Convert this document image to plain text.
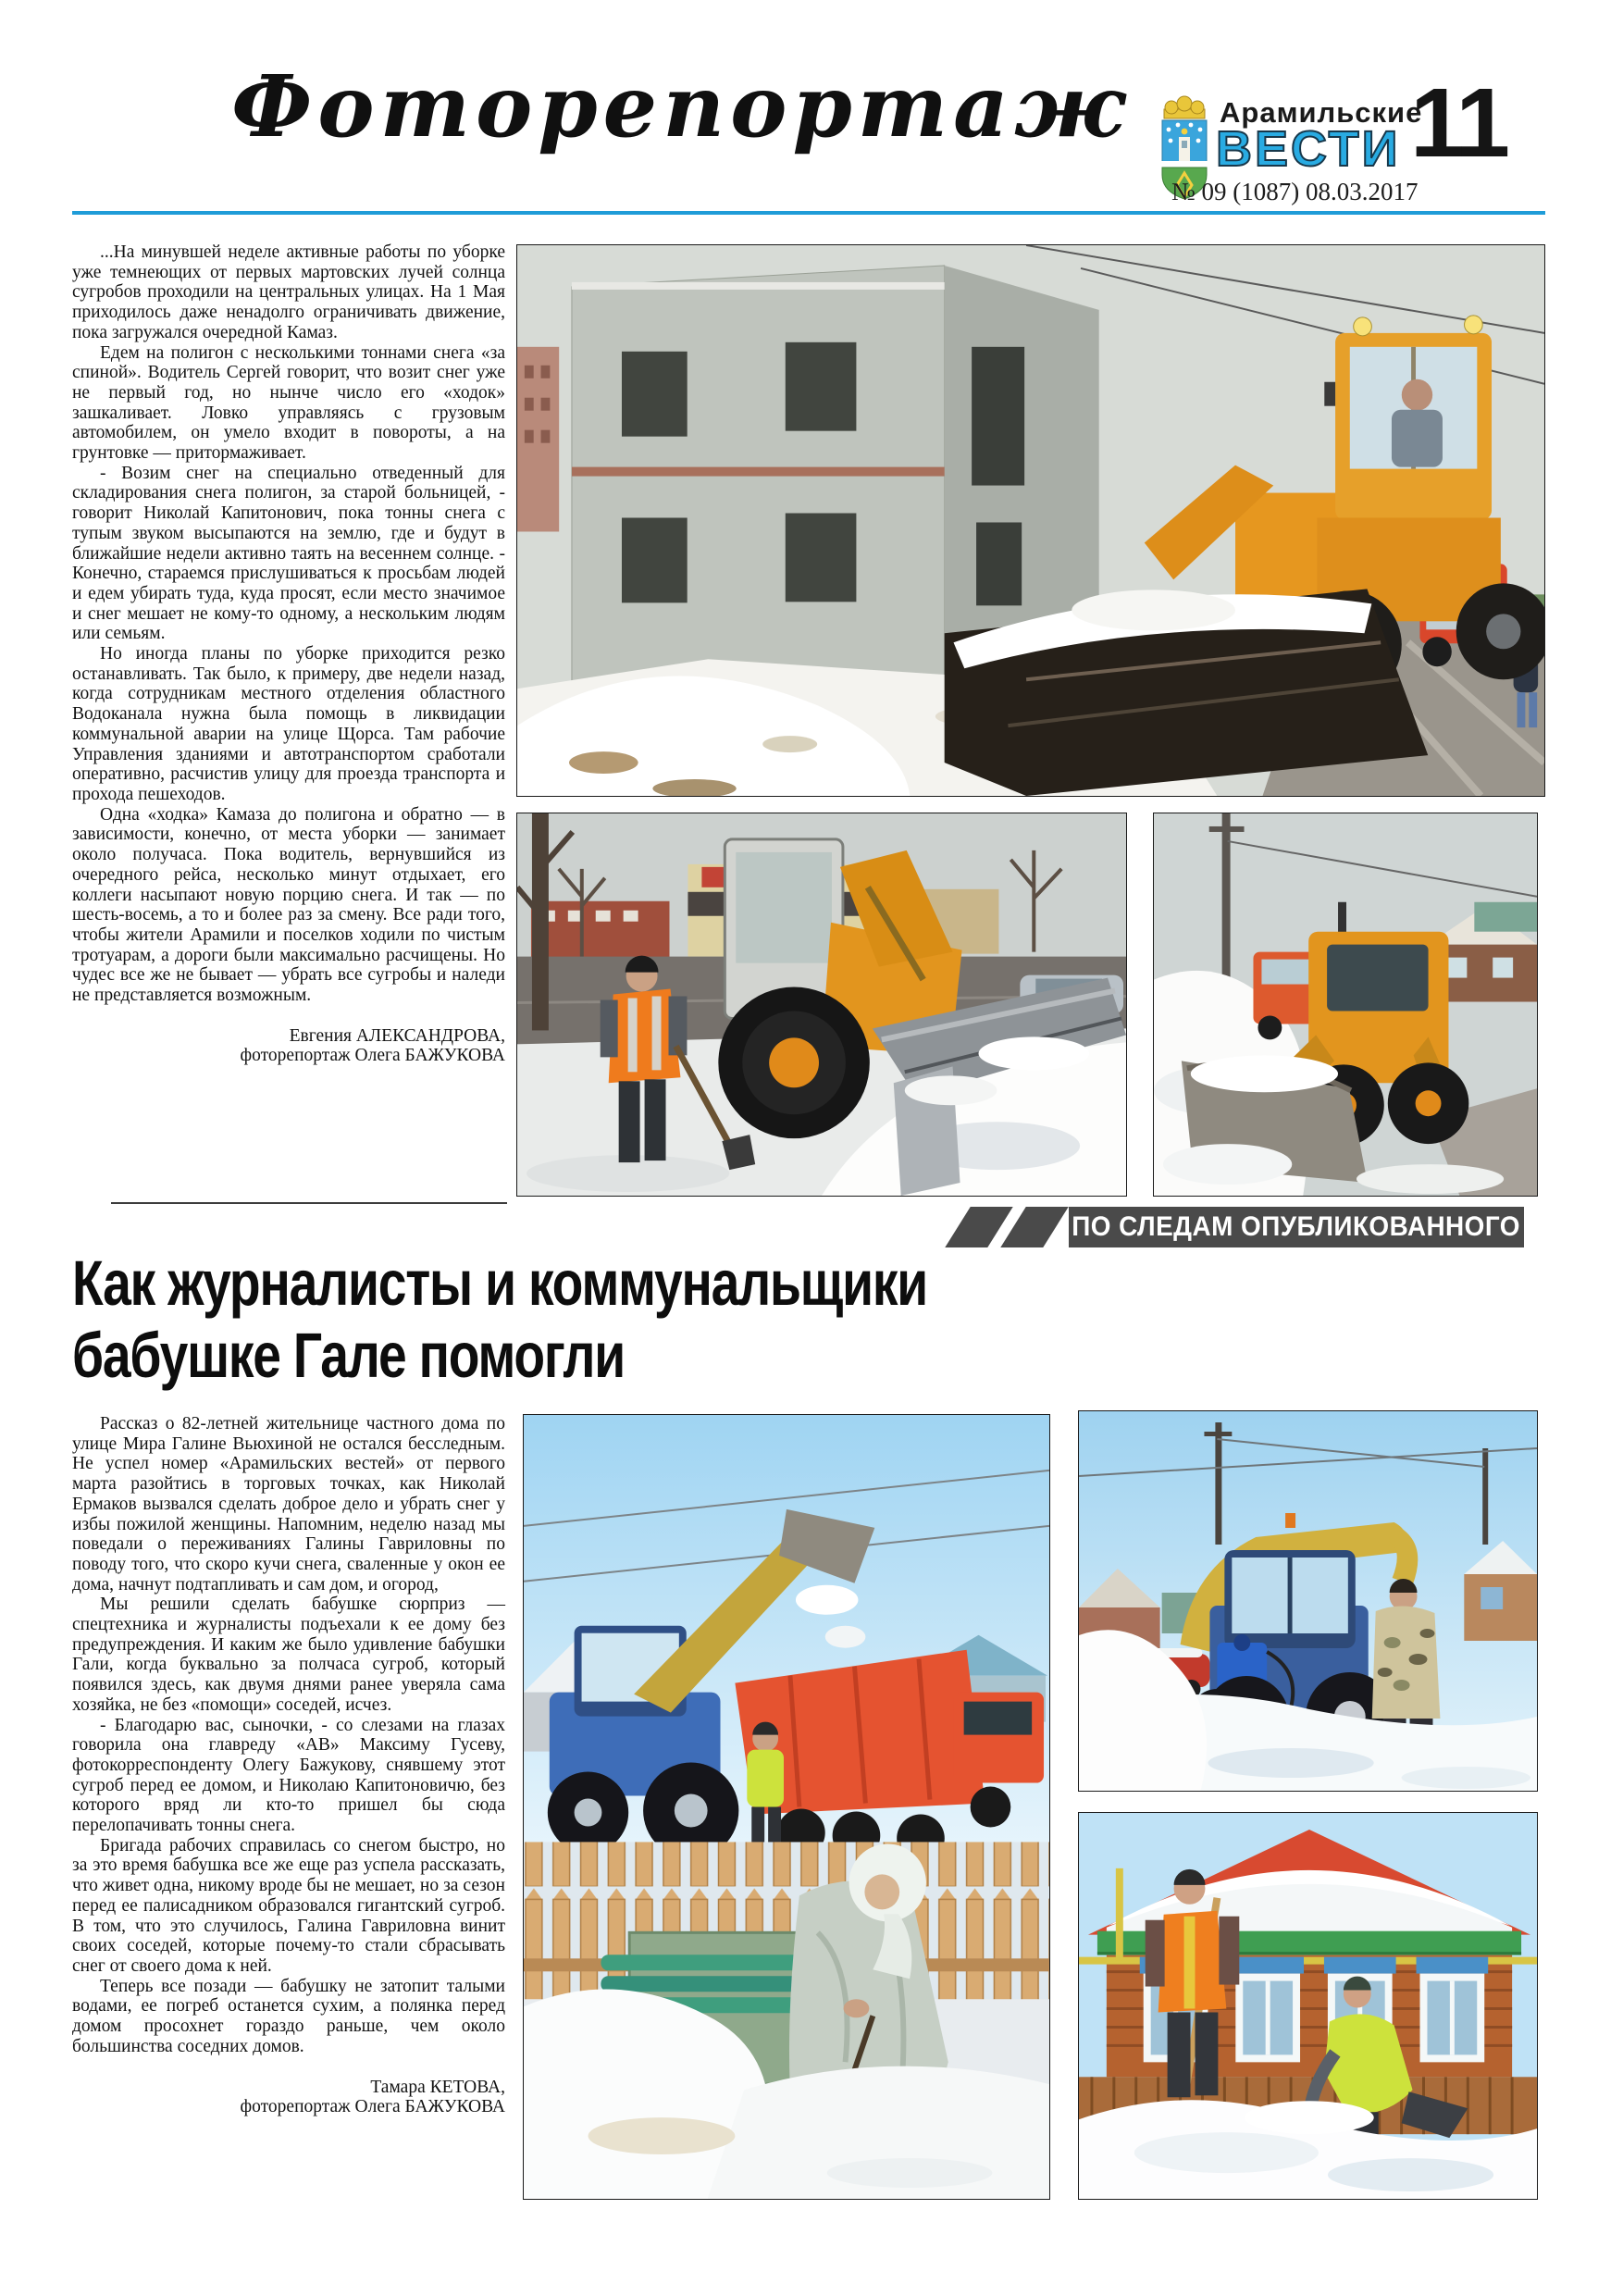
Фоторепортаж	Арамильские
ВЕСТИ 11
№ 09 (1087) 08.03.2017

...На минувшей неделе активные работы по уборке уже темнеющих от первых мартовских лучей солнца сугробов проходили на центральных улицах. На 1 Мая приходилось даже ненадолго ограничивать движение, пока загружался очередной Камаз.

Едем на полигон с несколькими тоннами снега «за спиной». Водитель Сергей говорит, что возит снег уже не первый год, но нынче число его «ходок» зашкаливает. Ловко управляясь с грузовым автомобилем, он умело входит в повороты, а на грунтовке — притормаживает.

- Возим снег на специально отведенный для складирования снега полигон, за старой больницей, - говорит Николай Капитонович, пока тонны снега с тупым звуком высыпаются на землю, где и будут в ближайшие недели активно таять на весеннем солнце. - Конечно, стараемся прислушиваться к просьбам людей и едем убирать туда, куда просят, если место значимое и снег мешает не кому-то одному, а нескольким людям или семьям.

Но иногда планы по уборке приходится резко останавливать. Так было, к примеру, две недели назад, когда сотрудникам местного отделения областного Водоканала нужна была помощь в ликвидации коммунальной аварии на улице Щорса. Там рабочие Управления зданиями и автотранспортом сработали оперативно, расчистив улицу для проезда транспорта и прохода пешеходов.

Одна «ходка» Камаза до полигона и обратно — в зависимости, конечно, от места уборки — занимает около получаса. Пока водитель, вернувшийся из очередного рейса, несколько минут отдыхает, его коллеги насыпают новую порцию снега. И так — по шесть-восемь, а то и более раз за смену. Все ради того, чтобы жители Арамили и поселков ходили по чистым тротуарам, а дороги были максимально расчищены. Но чудес все же не бывает — убрать все сугробы и наледи не представляется возможным.

Евгения АЛЕКСАНДРОВА,
фоторепортаж Олега БАЖУКОВА
ПО СЛЕДАМ ОПУБЛИКОВАННОГО
Как журналисты и коммунальщики
бабушке Гале помогли

Рассказ о 82-летней жительнице частного дома по улице Мира Галине Вьюхиной не остался бесследным. Не успел номер «Арамильских вестей» от первого марта разойтись в торговых точках, как Николай Ермаков вызвался сделать доброе дело и убрать снег у избы пожилой женщины. Напомним, неделю назад мы поведали о переживаниях Галины Гавриловны по поводу того, что скоро кучи снега, сваленные у окон ее дома, начнут подтапливать и сам дом, и огород,

Мы решили сделать бабушке сюрприз — спецтехника и журналисты подъехали к ее дому без предупреждения. И каким же было удивление бабушки Гали, когда буквально за полчаса сугроб, который появился здесь, как двумя днями ранее уверяла сама хозяйка, не без «помощи» соседей, исчез.

- Благодарю вас, сыночки, - со слезами на глазах говорила она главреду «АВ» Максиму Гусеву, фотокорреспонденту Олегу Бажукову, снявшему этот сугроб перед ее домом, и Николаю Капитоновичю, без которого вряд ли кто-то пришел бы сюда перелопачивать тонны снега.

Бригада рабочих справилась со снегом быстро, но за это время бабушка все же еще раз успела рассказать, что живет одна, никому вроде бы не мешает, но за сезон перед ее палисадником образовался гигантский сугроб. В том, что это случилось, Галина Гавриловна винит своих соседей, которые почему-то стали сбрасывать снег от своего дома к ней.

Теперь все позади — бабушку не затопит талыми водами, ее погреб останется сухим, а полянка перед домом просохнет гораздо раньше, чем около большинства соседних домов.

Тамара КЕТОВА,
фоторепортаж Олега БАЖУКОВА
